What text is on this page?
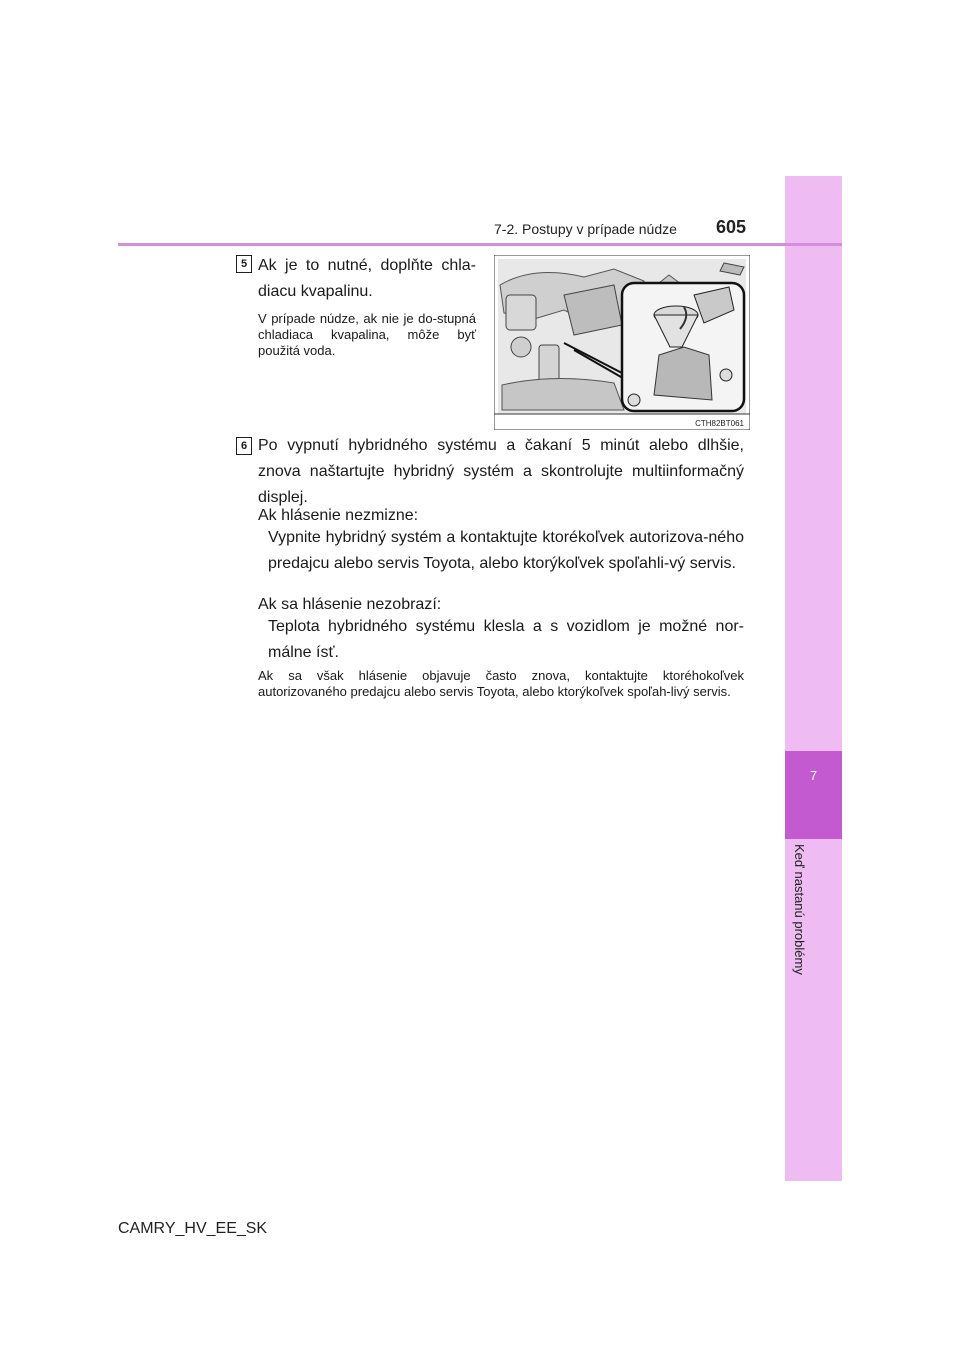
7
Keď nastanú problémy
7-2. Postupy v prípade núdze 605
5 Ak je to nutné, doplňte chla-diacu kvapalinu.
V prípade núdze, ak nie je do-stupná chladiaca kvapalina, môže byť použitá voda.
CTH82BT061
6 Po vypnutí hybridného systému a čakaní 5 minút alebo dlhšie, znova naštartujte hybridný systém a skontrolujte multiinformačný displej.
Ak hlásenie nezmizne:
Vypnite hybridný systém a kontaktujte ktorékoľvek autorizova-ného predajcu alebo servis Toyota, alebo ktorýkoľvek spoľahli-vý servis.
Ak sa hlásenie nezobrazí:
Teplota hybridného systému klesla a s vozidlom je možné nor-málne ísť.
Ak sa však hlásenie objavuje často znova, kontaktujte ktoréhokoľvek autorizovaného predajcu alebo servis Toyota, alebo ktorýkoľvek spoľah-livý servis.
CAMRY_HV_EE_SK
